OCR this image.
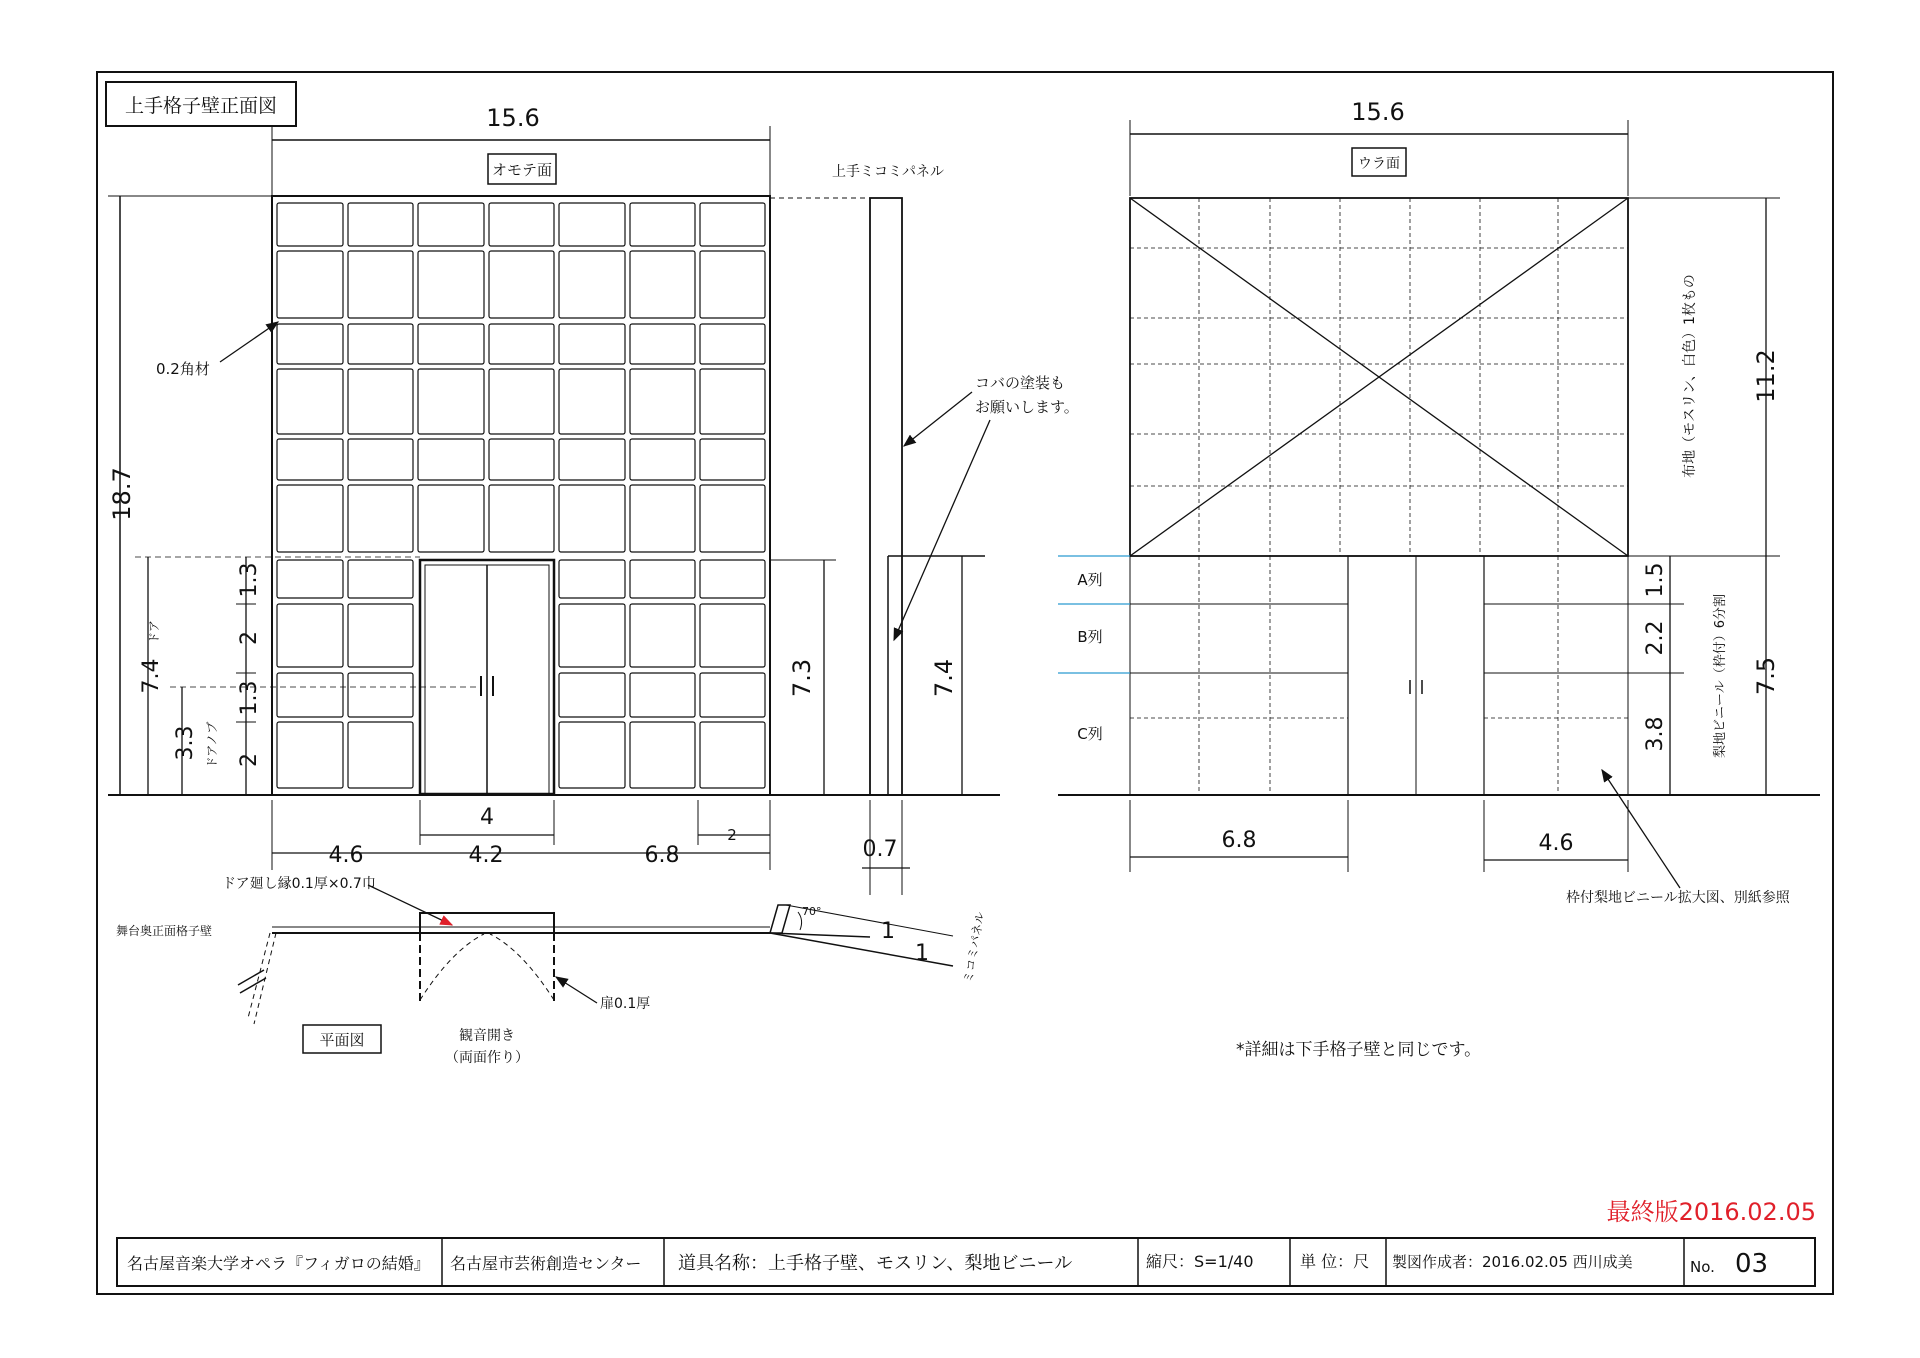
上手格子壁正面図	15.6
オモテ面
18.7
7.4
ドア
3.3 ドアノブ
1.3
2
1.3
2
0.2角材
7.3
上手ミコミパネル
7.4
コバの塗装も
お願いします。
4
4.6	4.2	6.8
2
0.7
70°
1
1	ミコミパネル
ドア廻し縁0.1厚×0.7巾
舞台奥正面格子壁
扉0.1厚
平面図	観音開き
（両面作り）
15.6
ウラ面
A列
B列
C列
11.2
布地（モスリン、白色）1枚もの
7.5
梨地ビニール（枠付）6分割
1.5
2.2
3.8
6.8	4.6
枠付梨地ビニール拡大図、別紙参照
*詳細は下手格子壁と同じです。
最終版2016.02.05
名古屋音楽大学オペラ『フィガロの結婚』 名古屋市芸術創造センター 道具名称：上手格子壁、モスリン、梨地ビニール	縮尺：S=1/40	単 位：尺 製図作成者：2016.02.05 西川成美	No. 03
